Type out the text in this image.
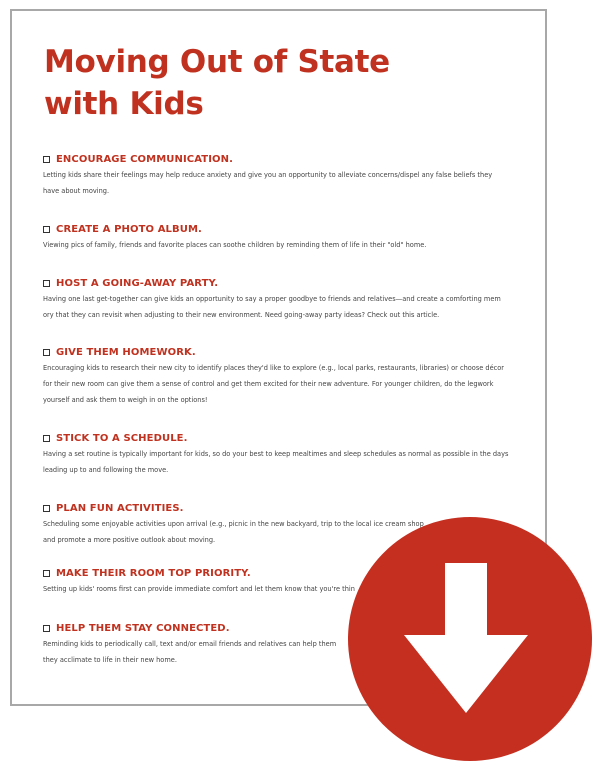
Moving Out of State
with Kids
ENCOURAGE COMMUNICATION.
Letting kids share their feelings may help reduce anxiety and give you an opportunity to alleviate concerns/dispel any false beliefs they
have about moving.
CREATE A PHOTO ALBUM.
Viewing pics of family, friends and favorite places can soothe children by reminding them of life in their "old" home.
HOST A GOING-AWAY PARTY.
Having one last get-together can give kids an opportunity to say a proper goodbye to friends and relatives—and create a comforting mem
ory that they can revisit when adjusting to their new environment. Need going-away party ideas? Check out this article.
GIVE THEM HOMEWORK.
Encouraging kids to research their new city to identify places they'd like to explore (e.g., local parks, restaurants, libraries) or choose décor
for their new room can give them a sense of control and get them excited for their new adventure. For younger children, do the legwork
yourself and ask them to weigh in on the options!
STICK TO A SCHEDULE.
Having a set routine is typically important for kids, so do your best to keep mealtimes and sleep schedules as normal as possible in the days
leading up to and following the move.
PLAN FUN ACTIVITIES.
Scheduling some enjoyable activities upon arrival (e.g., picnic in the new backyard, trip to the local ice cream shop
and promote a more positive outlook about moving.
MAKE THEIR ROOM TOP PRIORITY.
Setting up kids' rooms first can provide immediate comfort and let them know that you're thin
HELP THEM STAY CONNECTED.
Reminding kids to periodically call, text and/or email friends and relatives can help them
they acclimate to life in their new home.
